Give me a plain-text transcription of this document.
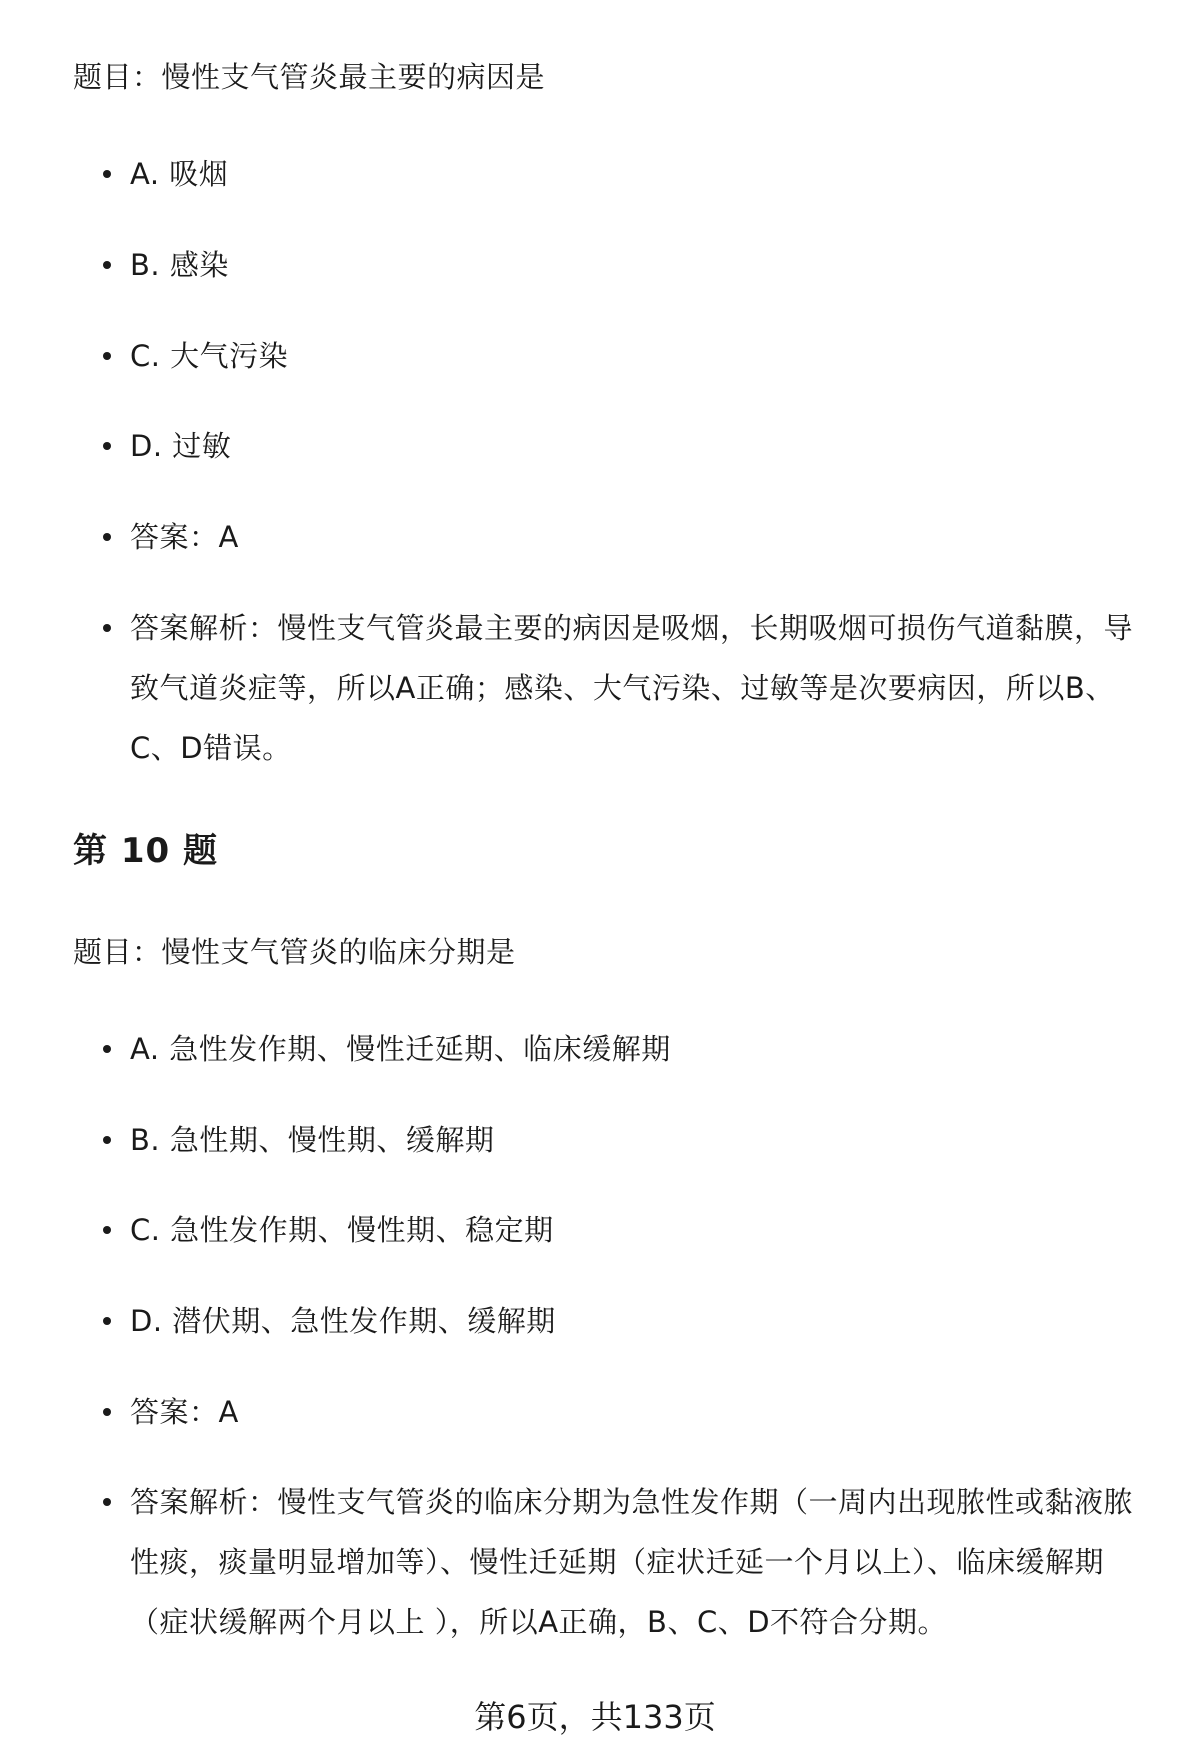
题目：慢性支气管炎最主要的病因是
A. 吸烟
B. 感染
C. 大气污染
D. 过敏
答案：A
答案解析：慢性支气管炎最主要的病因是吸烟，长期吸烟可损伤气道黏膜，导
致气道炎症等，所以A正确；感染、大气污染、过敏等是次要病因，所以B、
C、D错误。
第 10 题
题目：慢性支气管炎的临床分期是
A. 急性发作期、慢性迁延期、临床缓解期
B. 急性期、慢性期、缓解期
C. 急性发作期、慢性期、稳定期
D. 潜伏期、急性发作期、缓解期
答案：A
答案解析：慢性支气管炎的临床分期为急性发作期（一周内出现脓性或黏液脓
性痰，痰量明显增加等）、慢性迁延期（症状迁延一个月以上）、临床缓解期
（症状缓解两个月以上 ），所以A正确，B、C、D不符合分期。
第6页，共133页
